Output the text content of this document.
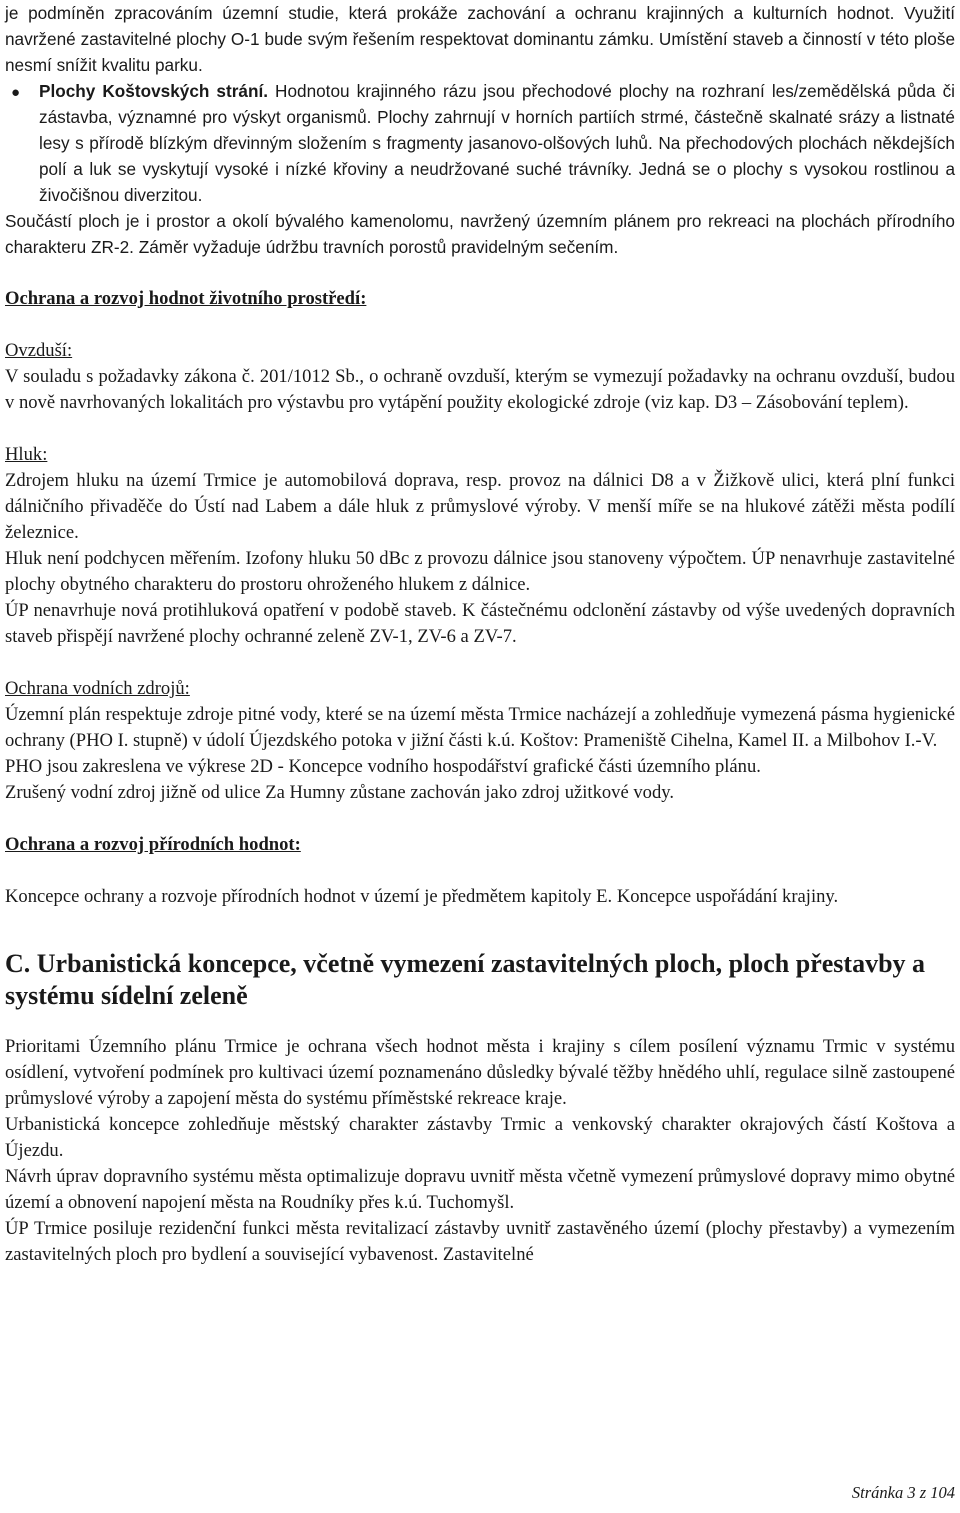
je podmíněn zpracováním územní studie, která prokáže zachování a ochranu krajinných a kulturních hodnot. Využití navržené zastavitelné plochy O-1 bude svým řešením respektovat dominantu zámku. Umístění staveb a činností v této ploše nesmí snížit kvalitu parku.

●	Plochy Koštovských strání. Hodnotou krajinného rázu jsou přechodové plochy na rozhraní les/zemědělská půda či zástavba, významné pro výskyt organismů. Plochy zahrnují v horních partiích strmé, částečně skalnaté srázy a listnaté lesy s přírodě blízkým dřevinným složením s fragmenty jasanovo-olšových luhů. Na přechodových plochách někdejších polí a luk se vyskytují vysoké i nízké křoviny a neudržované suché trávníky. Jedná se o plochy s vysokou rostlinou a živočišnou diverzitou.

Součástí ploch je i prostor a okolí bývalého kamenolomu, navržený územním plánem pro rekreaci na plochách přírodního charakteru ZR-2. Záměr vyžaduje údržbu travních porostů pravidelným sečením.

Ochrana a rozvoj hodnot životního prostředí:

Ovzduší:

V souladu s požadavky zákona č. 201/1012 Sb., o ochraně ovzduší, kterým se vymezují požadavky na ochranu ovzduší, budou v nově navrhovaných lokalitách pro výstavbu pro vytápění použity ekologické zdroje (viz kap. D3 – Zásobování teplem).

Hluk:

Zdrojem hluku na území Trmice je automobilová doprava, resp. provoz na dálnici D8 a v Žižkově ulici, která plní funkci dálničního přivaděče do Ústí nad Labem a dále hluk z průmyslové výroby. V menší míře se na hlukové zátěži města podílí železnice.

Hluk není podchycen měřením. Izofony hluku 50 dBc z provozu dálnice jsou stanoveny výpočtem. ÚP nenavrhuje zastavitelné plochy obytného charakteru do prostoru ohroženého hlukem z dálnice.

ÚP nenavrhuje nová protihluková opatření v podobě staveb. K částečnému odclonění zástavby od výše uvedených dopravních staveb přispějí navržené plochy ochranné zeleně ZV-1, ZV-6 a ZV-7.

Ochrana vodních zdrojů:

Územní plán respektuje zdroje pitné vody, které se na území města Trmice nacházejí a zohledňuje vymezená pásma hygienické ochrany (PHO I. stupně) v údolí Újezdského potoka v jižní části k.ú. Koštov: Prameniště Cihelna, Kamel II. a Milbohov I.-V.

PHO jsou zakreslena ve výkrese 2D - Koncepce vodního hospodářství grafické části územního plánu.

Zrušený vodní zdroj jižně od ulice Za Humny zůstane zachován jako zdroj užitkové vody.

Ochrana a rozvoj přírodních hodnot:

Koncepce ochrany a rozvoje přírodních hodnot v území je předmětem kapitoly E. Koncepce uspořádání krajiny.

C. Urbanistická koncepce, včetně vymezení zastavitelných ploch, ploch přestavby a systému sídelní zeleně

Prioritami Územního plánu Trmice je ochrana všech hodnot města i krajiny s cílem posílení významu Trmic v systému osídlení, vytvoření podmínek pro kultivaci území poznamenáno důsledky bývalé těžby hnědého uhlí, regulace silně zastoupené průmyslové výroby a zapojení města do systému příměstské rekreace kraje.

Urbanistická koncepce zohledňuje městský charakter zástavby Trmic a venkovský charakter okrajových částí Koštova a Újezdu.

Návrh úprav dopravního systému města optimalizuje dopravu uvnitř města včetně vymezení průmyslové dopravy mimo obytné území a obnovení napojení města na Roudníky přes k.ú. Tuchomyšl.

ÚP Trmice posiluje rezidenční funkci města revitalizací zástavby uvnitř zastavěného území (plochy přestavby) a vymezením zastavitelných ploch pro bydlení a související vybavenost. Zastavitelné

Stránka 3 z 104
